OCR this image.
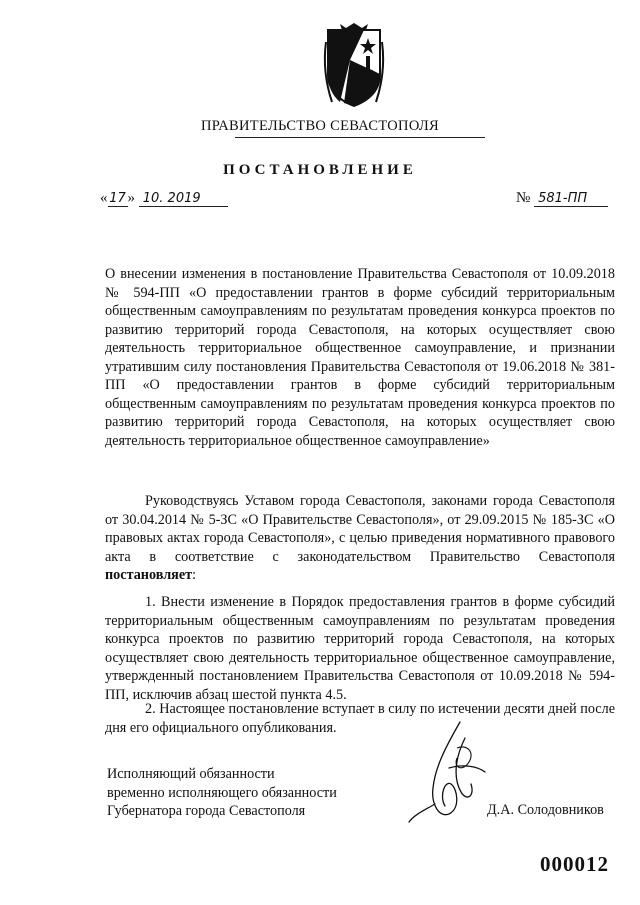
ПРАВИТЕЛЬСТВО СЕВАСТОПОЛЯ
ПОСТАНОВЛЕНИЕ
« 17 » 10. 2019	№ 581-ПП
О внесении изменения в постановление Правительства Севастополя от 10.09.2018 № 594-ПП «О предоставлении грантов в форме субсидий территориальным общественным самоуправлениям по результатам проведения конкурса проектов по развитию территорий города Севастополя, на которых осуществляет свою деятельность территориальное общественное самоуправление, и признании утратившим силу постановления Правительства Севастополя от 19.06.2018 № 381-ПП «О предоставлении грантов в форме субсидий территориальным общественным самоуправлениям по результатам проведения конкурса проектов по развитию территорий города Севастополя, на которых осуществляет свою деятельность территориальное общественное самоуправление»
Руководствуясь Уставом города Севастополя, законами города Севастополя от 30.04.2014 № 5-ЗС «О Правительстве Севастополя», от 29.09.2015 № 185-ЗС «О правовых актах города Севастополя», с целью приведения нормативного правового акта в соответствие с законодательством Правительство Севастополя постановляет:
1. Внести изменение в Порядок предоставления грантов в форме субсидий территориальным общественным самоуправлениям по результатам проведения конкурса проектов по развитию территорий города Севастополя, на которых осуществляет свою деятельность территориальное общественное самоуправление, утвержденный постановлением Правительства Севастополя от 10.09.2018 № 594-ПП, исключив абзац шестой пункта 4.5.
2. Настоящее постановление вступает в силу по истечении десяти дней после дня его официального опубликования.
Исполняющий обязанности
временно исполняющего обязанности
Губернатора города Севастополя	Д.А. Солодовников
000012
